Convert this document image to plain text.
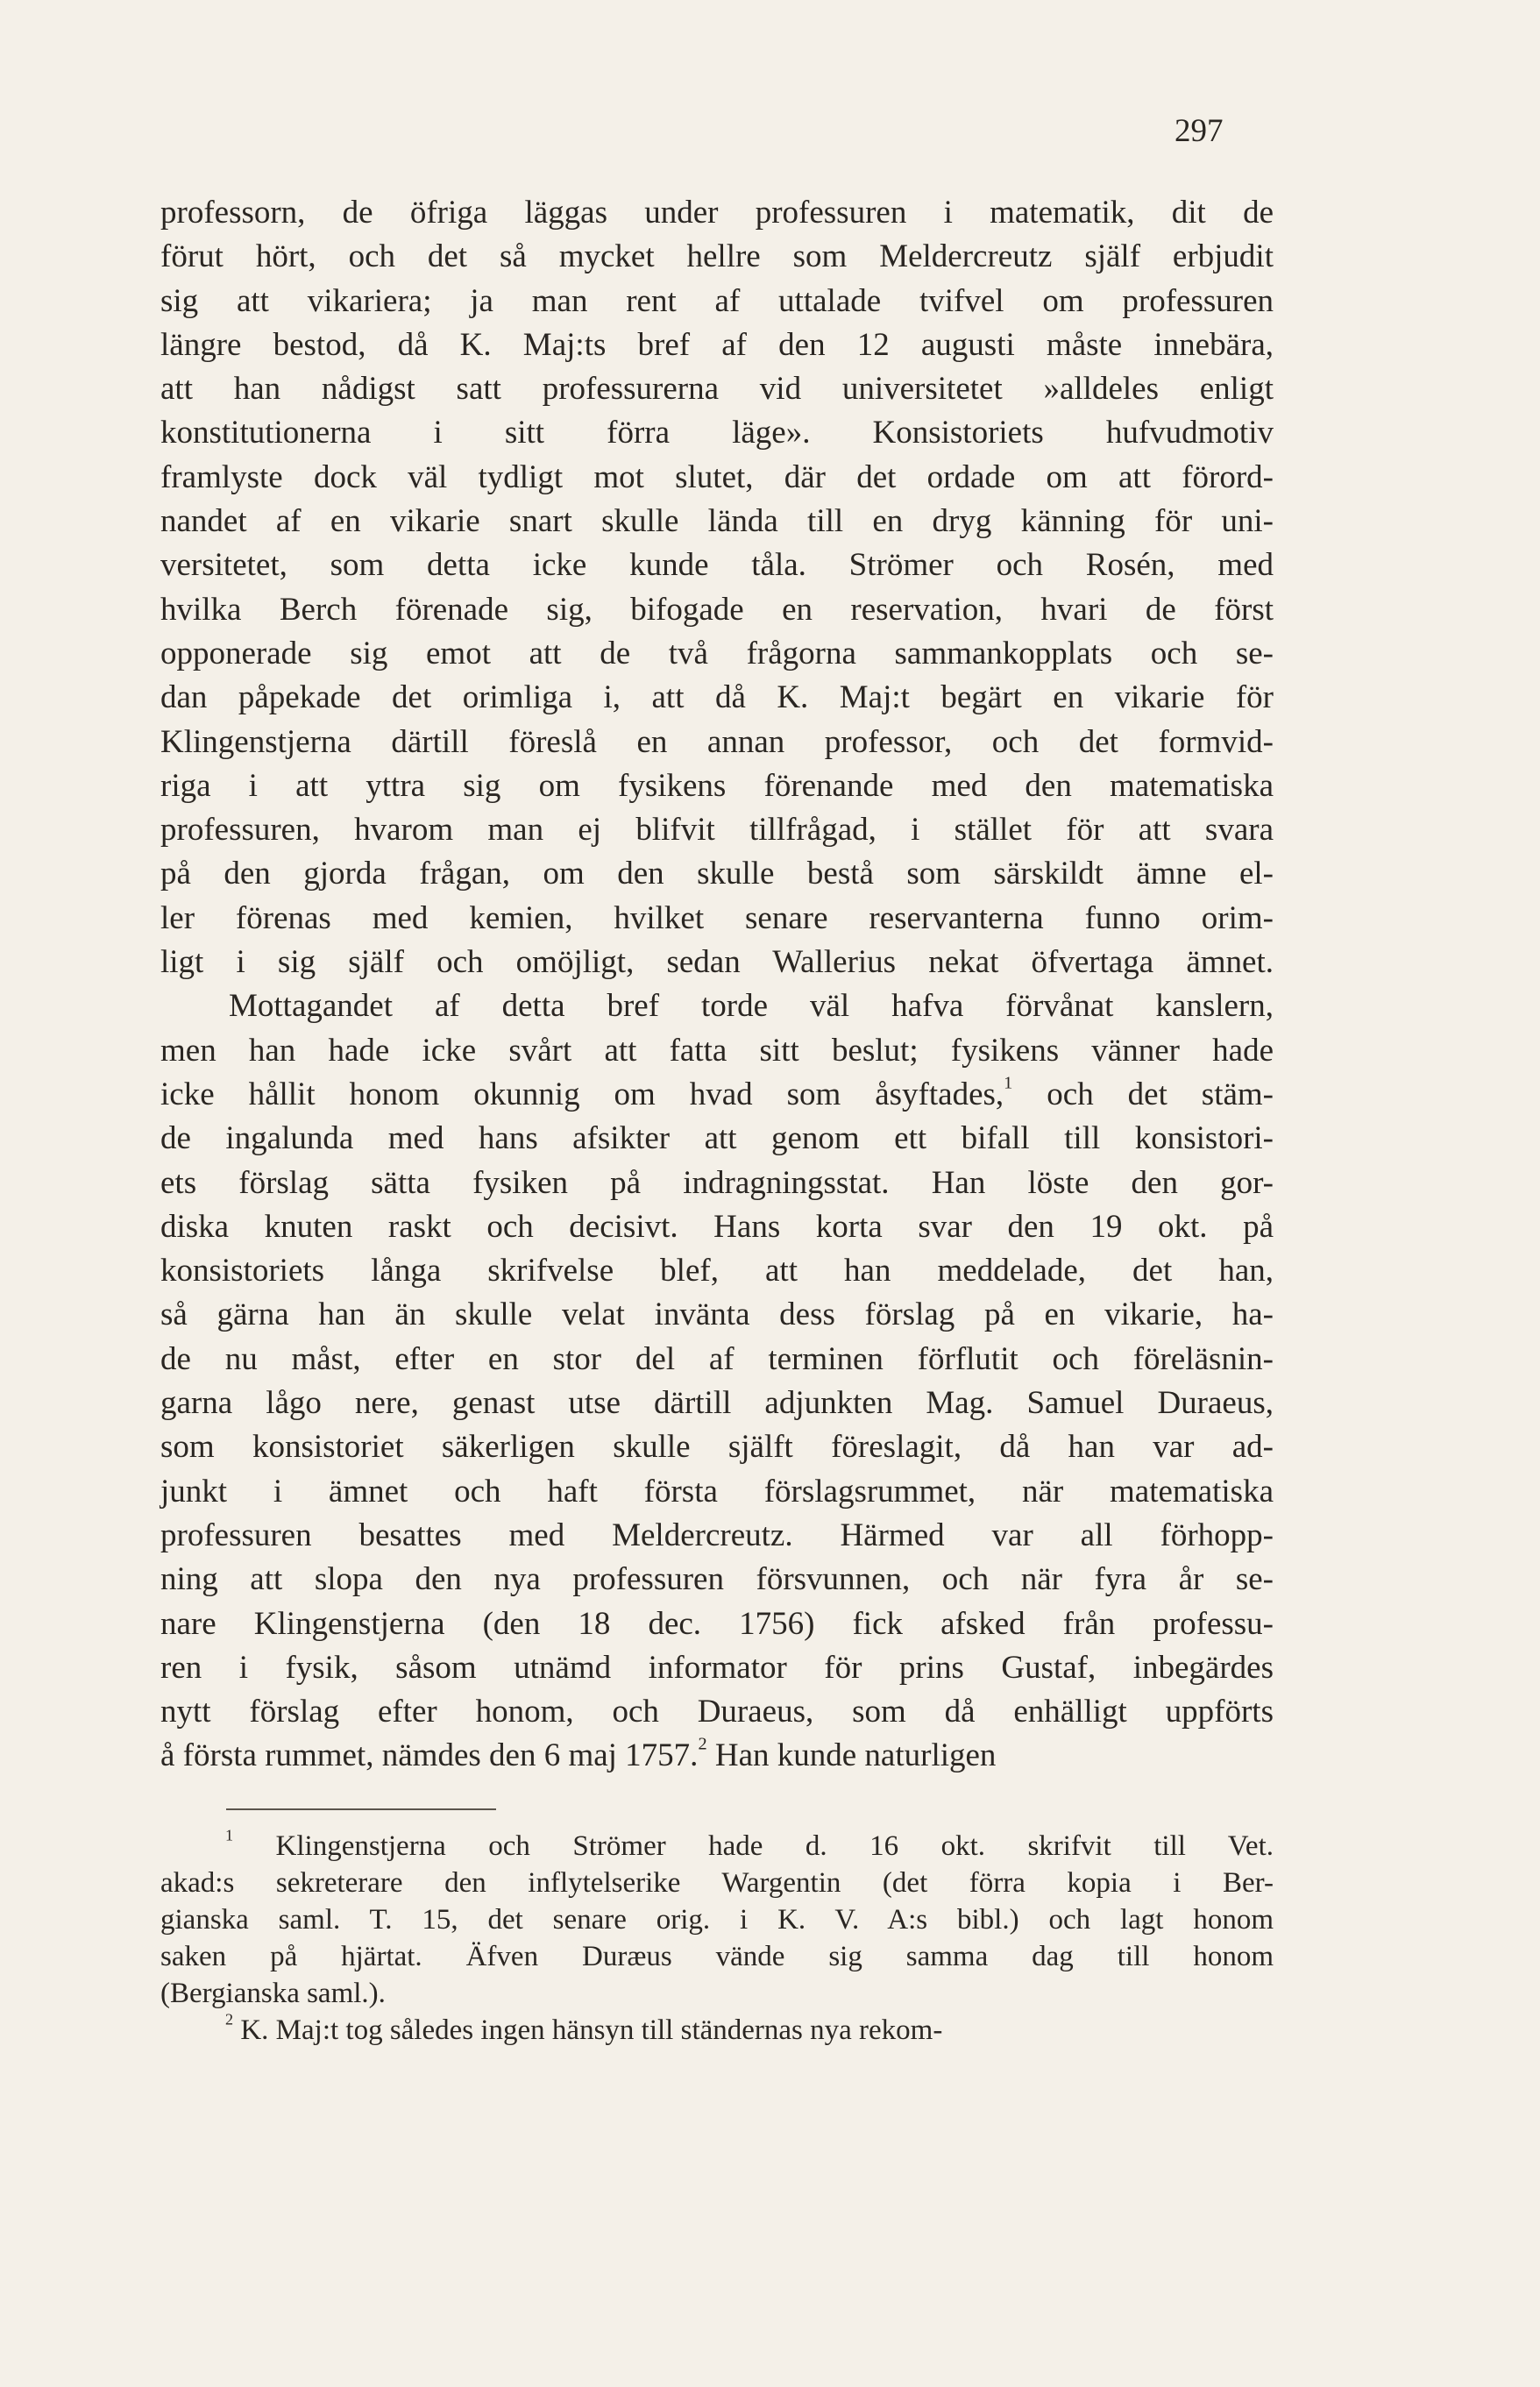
297
professorn, de öfriga läggas under professuren i matematik, dit de
förut hört, och det så mycket hellre som Meldercreutz själf erbjudit
sig att vikariera; ja man rent af uttalade tvifvel om professuren
längre bestod, då K. Maj:ts bref af den 12 augusti måste innebära,
att han nådigst satt professurerna vid universitetet »alldeles enligt
konstitutionerna i sitt förra läge». Konsistoriets hufvudmotiv
framlyste dock väl tydligt mot slutet, där det ordade om att förord-
nandet af en vikarie snart skulle lända till en dryg känning för uni-
versitetet, som detta icke kunde tåla. Strömer och Rosén, med
hvilka Berch förenade sig, bifogade en reservation, hvari de först
opponerade sig emot att de två frågorna sammankopplats och se-
dan påpekade det orimliga i, att då K. Maj:t begärt en vikarie för
Klingenstjerna därtill föreslå en annan professor, och det formvid-
riga i att yttra sig om fysikens förenande med den matematiska
professuren, hvarom man ej blifvit tillfrågad, i stället för att svara
på den gjorda frågan, om den skulle bestå som särskildt ämne el-
ler förenas med kemien, hvilket senare reservanterna funno orim-
ligt i sig själf och omöjligt, sedan Wallerius nekat öfvertaga ämnet.
Mottagandet af detta bref torde väl hafva förvånat kanslern,
men han hade icke svårt att fatta sitt beslut; fysikens vänner hade
icke hållit honom okunnig om hvad som åsyftades,$^1$ och det stäm-
de ingalunda med hans afsikter att genom ett bifall till konsistori-
ets förslag sätta fysiken på indragningsstat. Han löste den gor-
diska knuten raskt och decisivt. Hans korta svar den 19 okt. på
konsistoriets långa skrifvelse blef, att han meddelade, det han,
så gärna han än skulle velat invänta dess förslag på en vikarie, ha-
de nu måst, efter en stor del af terminen förflutit och föreläsnin-
garna lågo nere, genast utse därtill adjunkten Mag. Samuel Duraeus,
som konsistoriet säkerligen skulle själft föreslagit, då han var ad-
junkt i ämnet och haft första förslagsrummet, när matematiska
professuren besattes med Meldercreutz. Härmed var all förhopp-
ning att slopa den nya professuren försvunnen, och när fyra år se-
nare Klingenstjerna (den 18 dec. 1756) fick afsked från professu-
ren i fysik, såsom utnämd informator för prins Gustaf, inbegärdes
nytt förslag efter honom, och Duraeus, som då enhälligt uppförts
å första rummet, nämdes den 6 maj 1757.$^2$ Han kunde naturligen
$^1$ Klingenstjerna och Strömer hade d. 16 okt. skrifvit till Vet.
akad:s sekreterare den inflytelserike Wargentin (det förra kopia i Ber-
gianska saml. T. 15, det senare orig. i K. V. A:s bibl.) och lagt honom
saken på hjärtat. Äfven Duræus vände sig samma dag till honom
(Bergianska saml.).
$^2$ K. Maj:t tog således ingen hänsyn till ständernas nya rekom-
